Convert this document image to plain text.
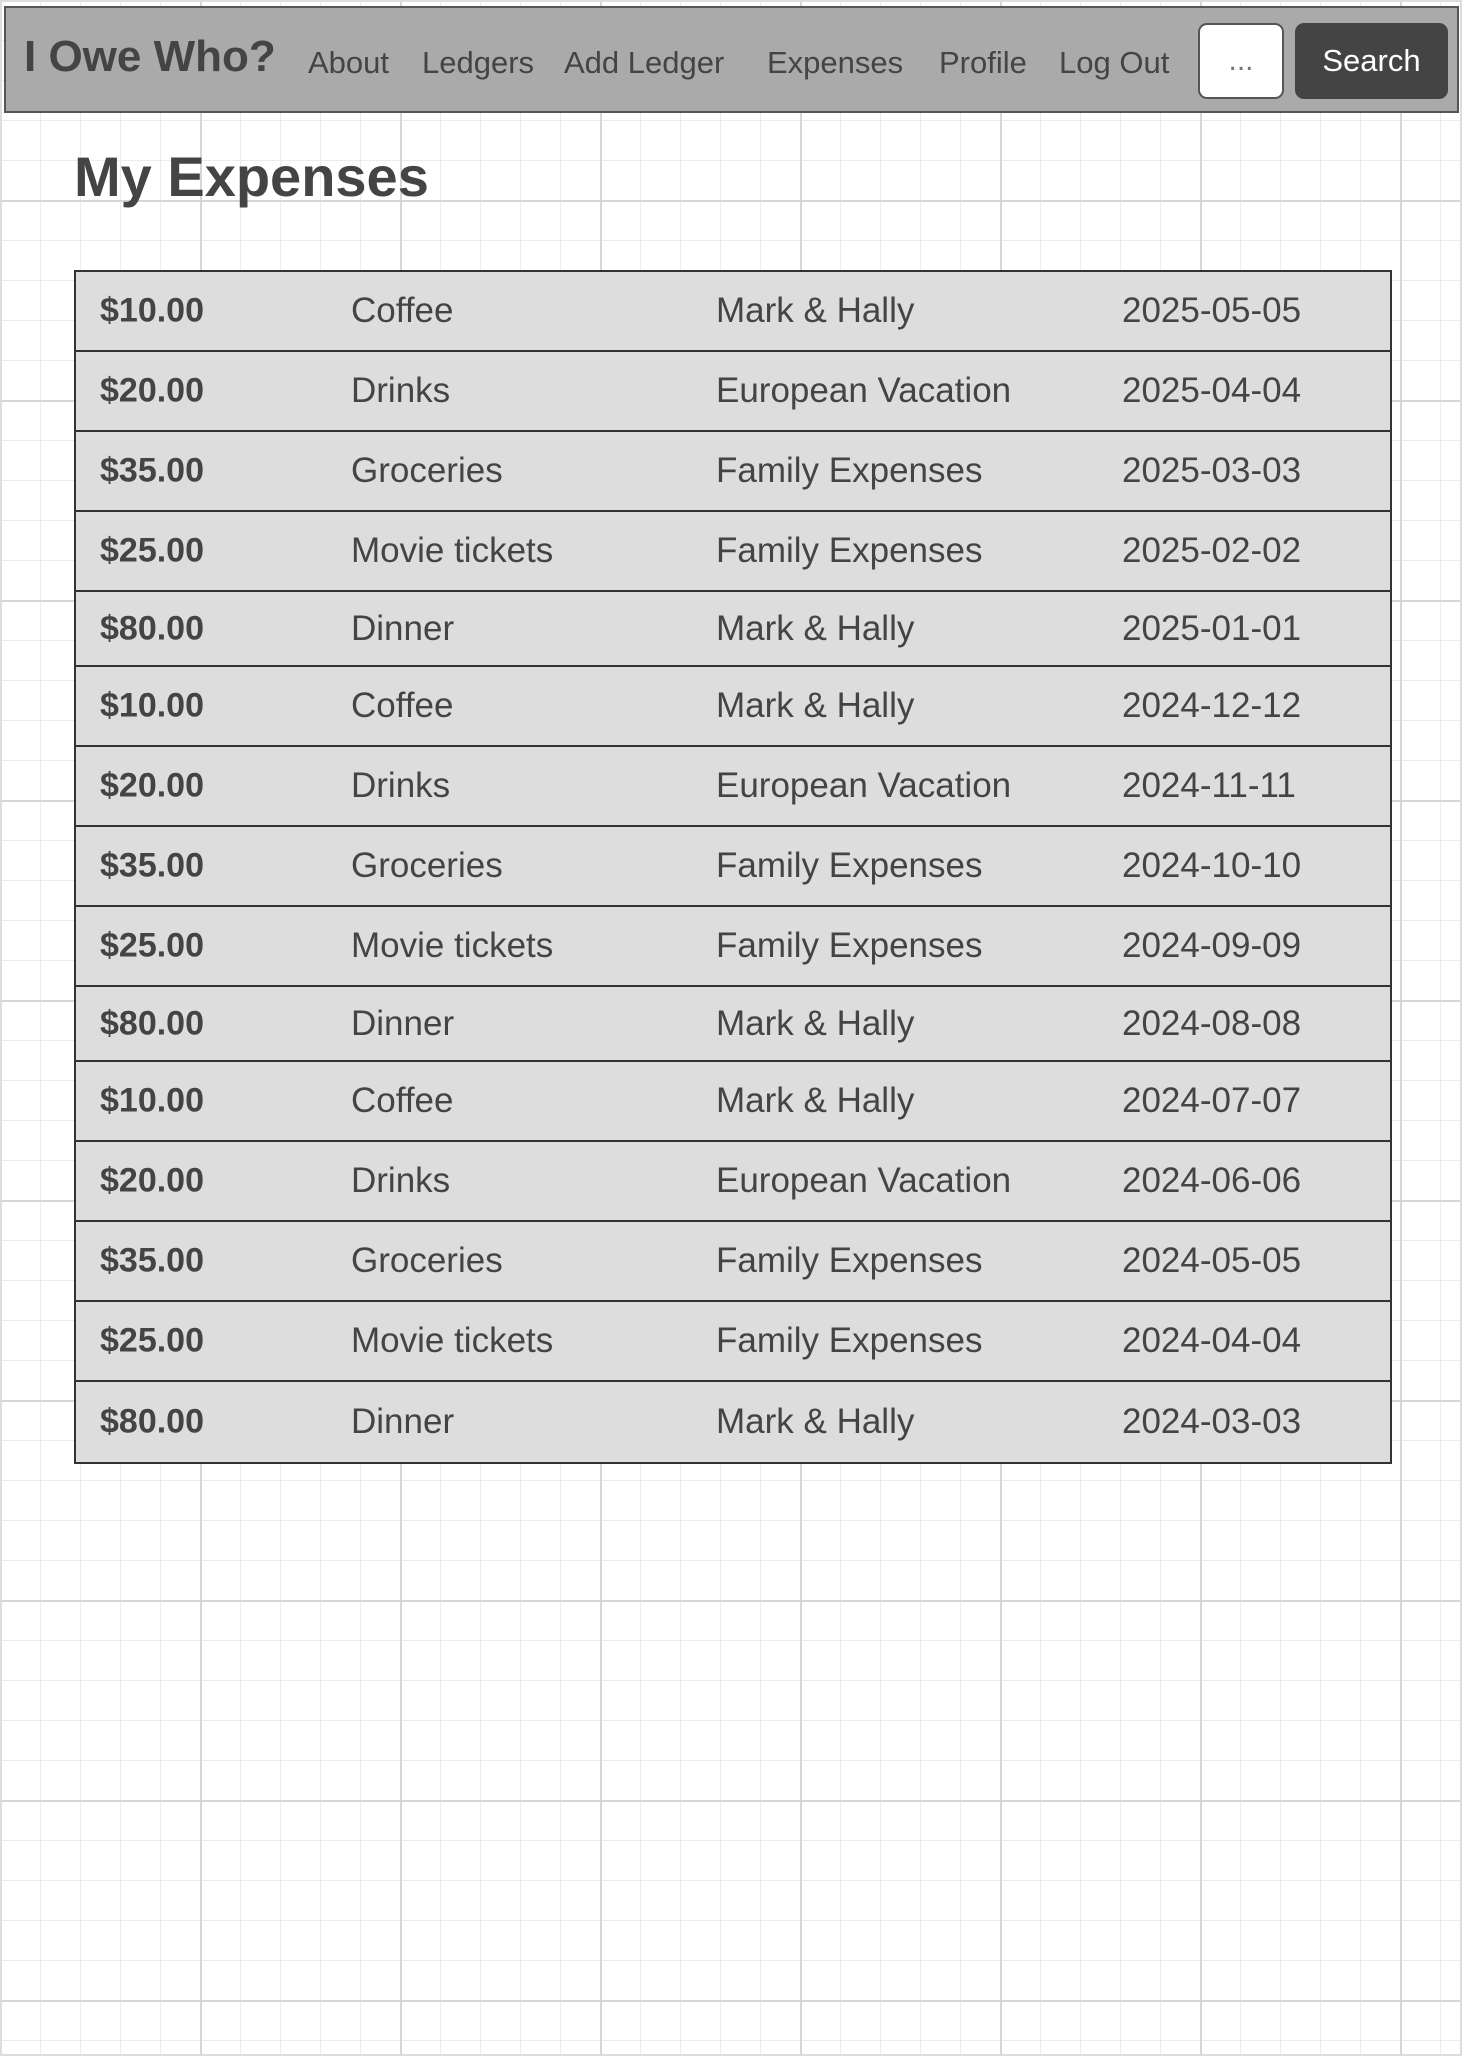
I Owe Who? About Ledgers Add Ledger Expenses Profile Log Out
...	Search
My Expenses
$10.00	Coffee	Mark & Hally	2025-05-05
$20.00	Drinks	European Vacation	2025-04-04
$35.00	Groceries	Family Expenses	2025-03-03
$25.00	Movie tickets	Family Expenses	2025-02-02
$80.00	Dinner	Mark & Hally	2025-01-01
$10.00	Coffee	Mark & Hally	2024-12-12
$20.00	Drinks	European Vacation	2024-11-11
$35.00	Groceries	Family Expenses	2024-10-10
$25.00	Movie tickets	Family Expenses	2024-09-09
$80.00	Dinner	Mark & Hally	2024-08-08
$10.00	Coffee	Mark & Hally	2024-07-07
$20.00	Drinks	European Vacation	2024-06-06
$35.00	Groceries	Family Expenses	2024-05-05
$25.00	Movie tickets	Family Expenses	2024-04-04
$80.00	Dinner	Mark & Hally	2024-03-03
